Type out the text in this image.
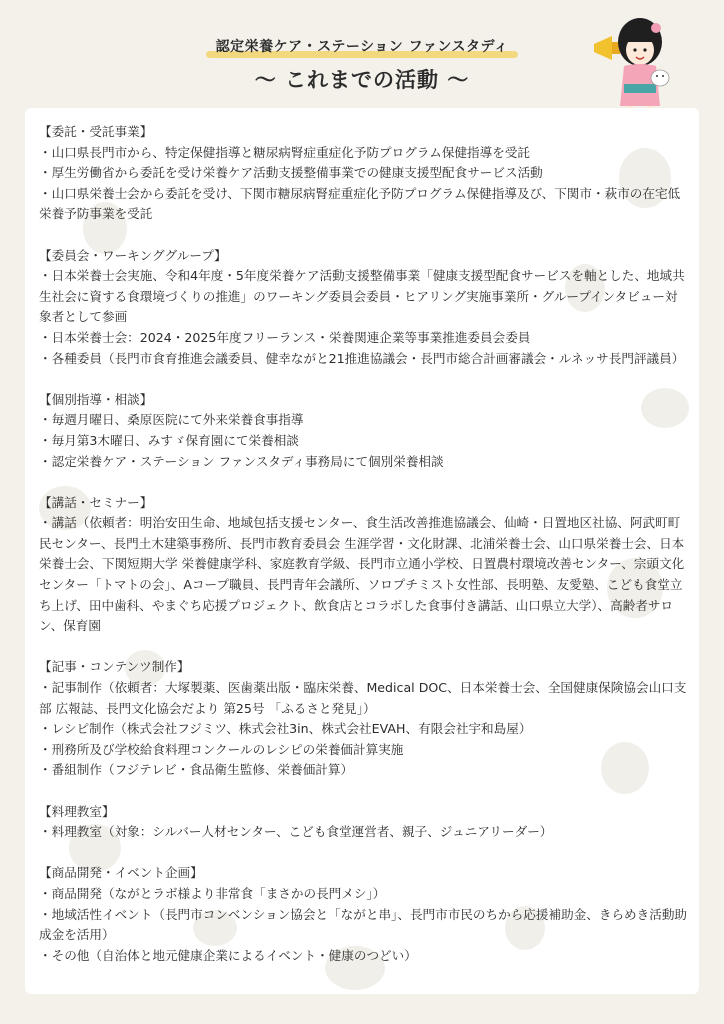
認定栄養ケア・ステーション ファンスタディ
〜 これまでの活動 〜
【委託・受託事業】
・山口県長門市から、特定保健指導と糖尿病腎症重症化予防プログラム保健指導を受託
・厚生労働省から委託を受け栄養ケア活動支援整備事業での健康支援型配食サービス活動
・山口県栄養士会から委託を受け、下関市糖尿病腎症重症化予防プログラム保健指導及び、下関市・萩市の在宅低栄養予防事業を受託
【委員会・ワーキンググループ】
・日本栄養士会実施、令和4年度・5年度栄養ケア活動支援整備事業「健康支援型配食サービスを軸とした、地域共生社会に資する食環境づくりの推進」のワーキング委員会委員・ヒアリング実施事業所・グループインタビュー対象者として参画
・日本栄養士会：2024・2025年度フリーランス・栄養関連企業等事業推進委員会委員
・各種委員（長門市食育推進会議委員、健幸ながと21推進協議会・長門市総合計画審議会・ルネッサ長門評議員）
【個別指導・相談】
・毎週月曜日、桑原医院にて外来栄養食事指導
・毎月第3木曜日、みすゞ保育園にて栄養相談
・認定栄養ケア・ステーション ファンスタディ事務局にて個別栄養相談
【講話・セミナー】
・講話（依頼者：明治安田生命、地域包括支援センター、食生活改善推進協議会、仙崎・日置地区社協、阿武町町民センター、長門土木建築事務所、長門市教育委員会 生涯学習・文化財課、北浦栄養士会、山口県栄養士会、日本栄養士会、下関短期大学 栄養健康学科、家庭教育学級、長門市立通小学校、日置農村環境改善センター、宗頭文化センター「トマトの会」、Aコープ職員、長門青年会議所、ソロプチミスト女性部、長明塾、友愛塾、こども食堂立ち上げ、田中歯科、やまぐち応援プロジェクト、飲食店とコラボした食事付き講話、山口県立大学）、高齢者サロン、保育園
【記事・コンテンツ制作】
・記事制作（依頼者：大塚製薬、医歯薬出版・臨床栄養、Medical DOC、日本栄養士会、全国健康保険協会山口支部 広報誌、長門文化協会だより 第25号 「ふるさと発見」）
・レシピ制作（株式会社フジミツ、株式会社3in、株式会社EVAH、有限会社宇和島屋）
・刑務所及び学校給食料理コンクールのレシピの栄養価計算実施
・番組制作（フジテレビ・食品衛生監修、栄養価計算）
【料理教室】
・料理教室（対象：シルバー人材センター、こども食堂運営者、親子、ジュニアリーダー）
【商品開発・イベント企画】
・商品開発（ながとラボ様より非常食「まさかの長門メシ」）
・地域活性イベント（長門市コンベンション協会と「ながと串」、長門市市民のちから応援補助金、きらめき活動助成金を活用）
・その他（自治体と地元健康企業によるイベント・健康のつどい）
